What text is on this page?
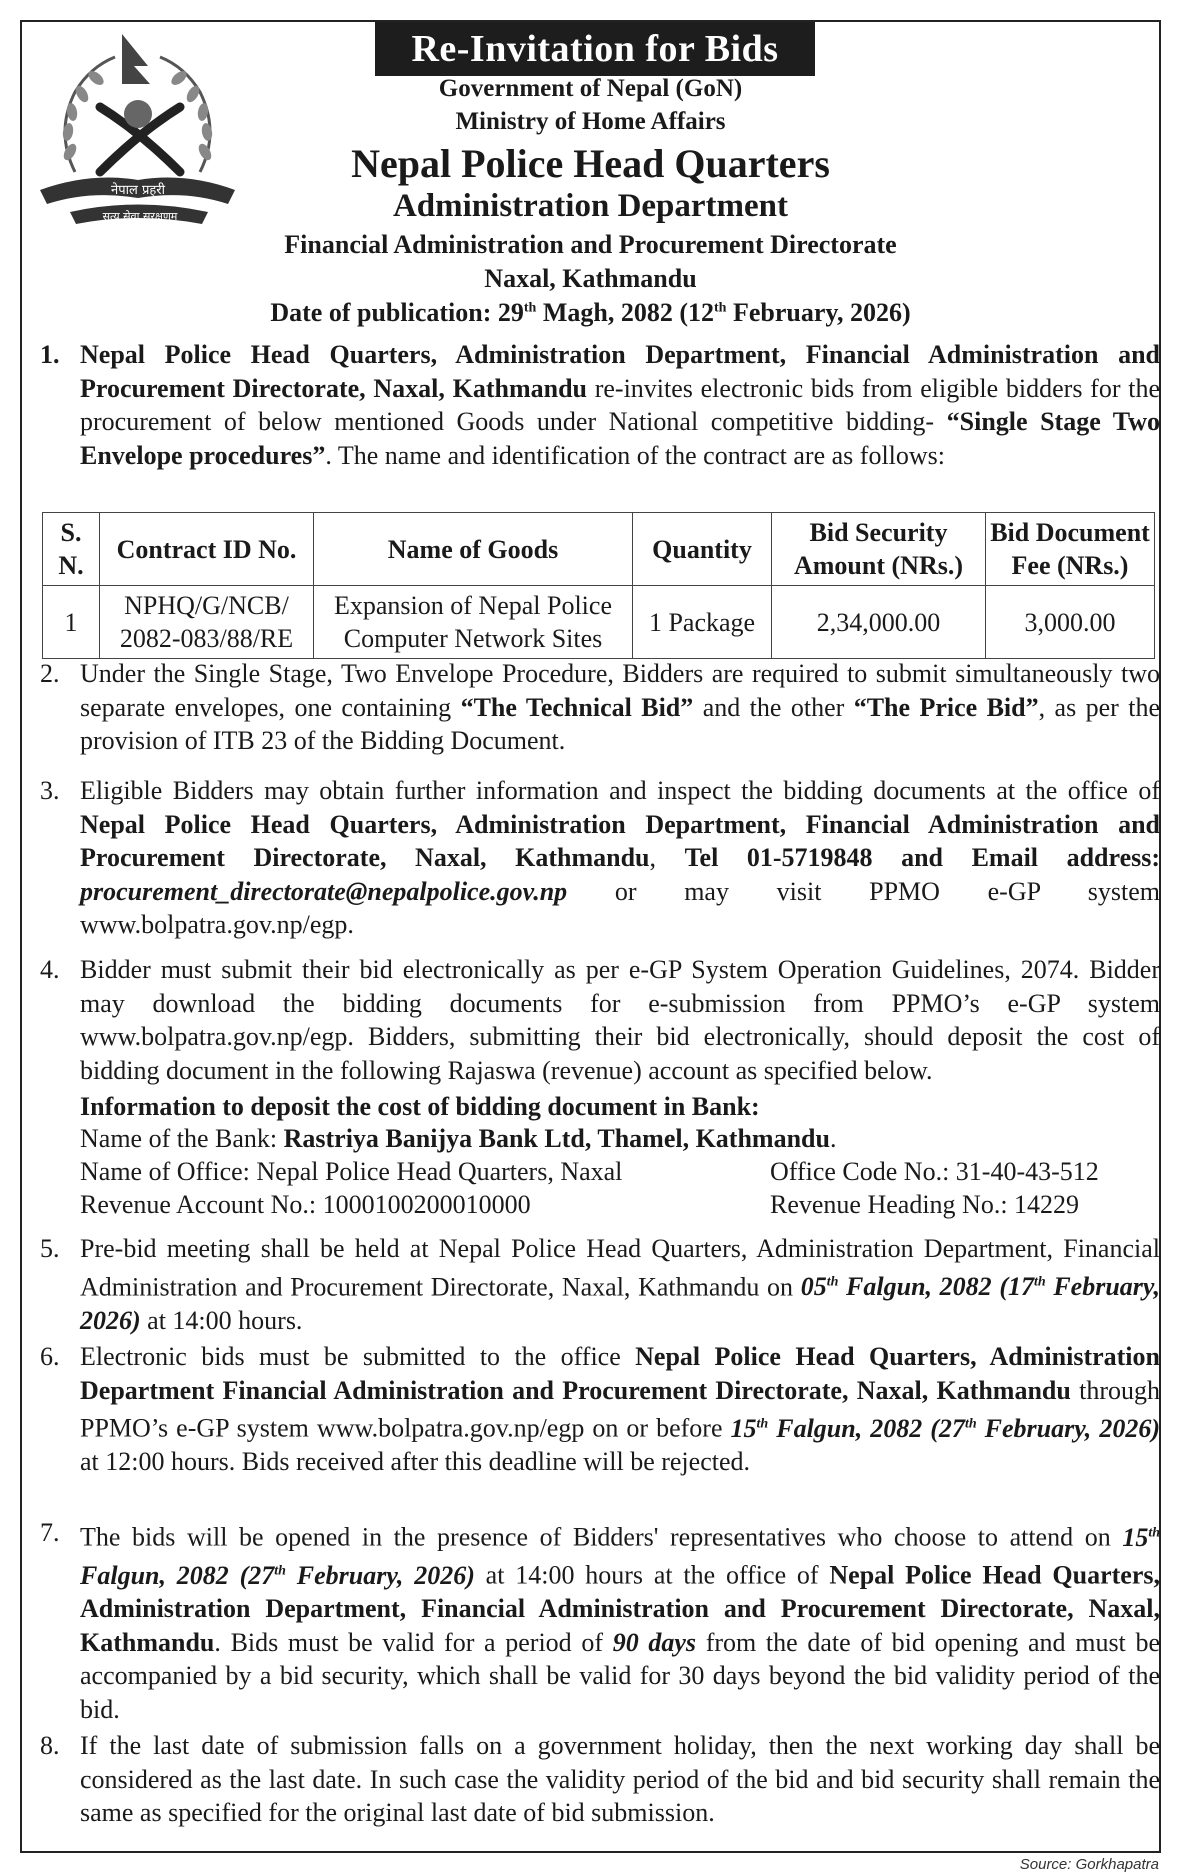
नेपाल प्रहरी
सत्य सेवा सुरक्षणम्
Re-Invitation for Bids
Government of Nepal (GoN)
Ministry of Home Affairs
Nepal Police Head Quarters
Administration Department
Financial Administration and Procurement Directorate
Naxal, Kathmandu
Date of publication: 29th Magh, 2082 (12th February, 2026)
1. Nepal Police Head Quarters, Administration Department, Financial Administration and Procurement Directorate, Naxal, Kathmandu re-invites electronic bids from eligible bidders for the procurement of below mentioned Goods under National competitive bidding- “Single Stage Two Envelope procedures”. The name and identification of the contract are as follows:
S. N.	Contract ID No.	Name of Goods	Quantity	Bid Security Amount (NRs.)	Bid Document Fee (NRs.)
1	NPHQ/G/NCB/ 2082-083/88/RE	Expansion of Nepal Police Computer Network Sites	1 Package	2,34,000.00	3,000.00
2. Under the Single Stage, Two Envelope Procedure, Bidders are required to submit simultaneously two separate envelopes, one containing “The Technical Bid” and the other “The Price Bid”, as per the provision of ITB 23 of the Bidding Document.
3. Eligible Bidders may obtain further information and inspect the bidding documents at the office of Nepal Police Head Quarters, Administration Department, Financial Administration and Procurement Directorate, Naxal, Kathmandu, Tel 01-5719848 and Email address: procurement_directorate@nepalpolice.gov.np or may visit PPMO e-GP system www.bolpatra.gov.np/egp.
4. Bidder must submit their bid electronically as per e-GP System Operation Guidelines, 2074. Bidder may download the bidding documents for e-submission from PPMO’s e-GP system www.bolpatra.gov.np/egp. Bidders, submitting their bid electronically, should deposit the cost of bidding document in the following Rajaswa (revenue) account as specified below.
Information to deposit the cost of bidding document in Bank:
Name of the Bank: Rastriya Banijya Bank Ltd, Thamel, Kathmandu.
Name of Office: Nepal Police Head Quarters, Naxal	Office Code No.: 31-40-43-512
Revenue Account No.: 1000100200010000	Revenue Heading No.: 14229
5. Pre-bid meeting shall be held at Nepal Police Head Quarters, Administration Department, Financial Administration and Procurement Directorate, Naxal, Kathmandu on 05th Falgun, 2082 (17th February, 2026) at 14:00 hours.
6. Electronic bids must be submitted to the office Nepal Police Head Quarters, Administration Department Financial Administration and Procurement Directorate, Naxal, Kathmandu through PPMO’s e-GP system www.bolpatra.gov.np/egp on or before 15th Falgun, 2082 (27th February, 2026) at 12:00 hours. Bids received after this deadline will be rejected.
7. The bids will be opened in the presence of Bidders' representatives who choose to attend on 15th Falgun, 2082 (27th February, 2026) at 14:00 hours at the office of Nepal Police Head Quarters, Administration Department, Financial Administration and Procurement Directorate, Naxal, Kathmandu. Bids must be valid for a period of 90 days from the date of bid opening and must be accompanied by a bid security, which shall be valid for 30 days beyond the bid validity period of the bid.
8. If the last date of submission falls on a government holiday, then the next working day shall be considered as the last date. In such case the validity period of the bid and bid security shall remain the same as specified for the original last date of bid submission.
Source: Gorkhapatra
